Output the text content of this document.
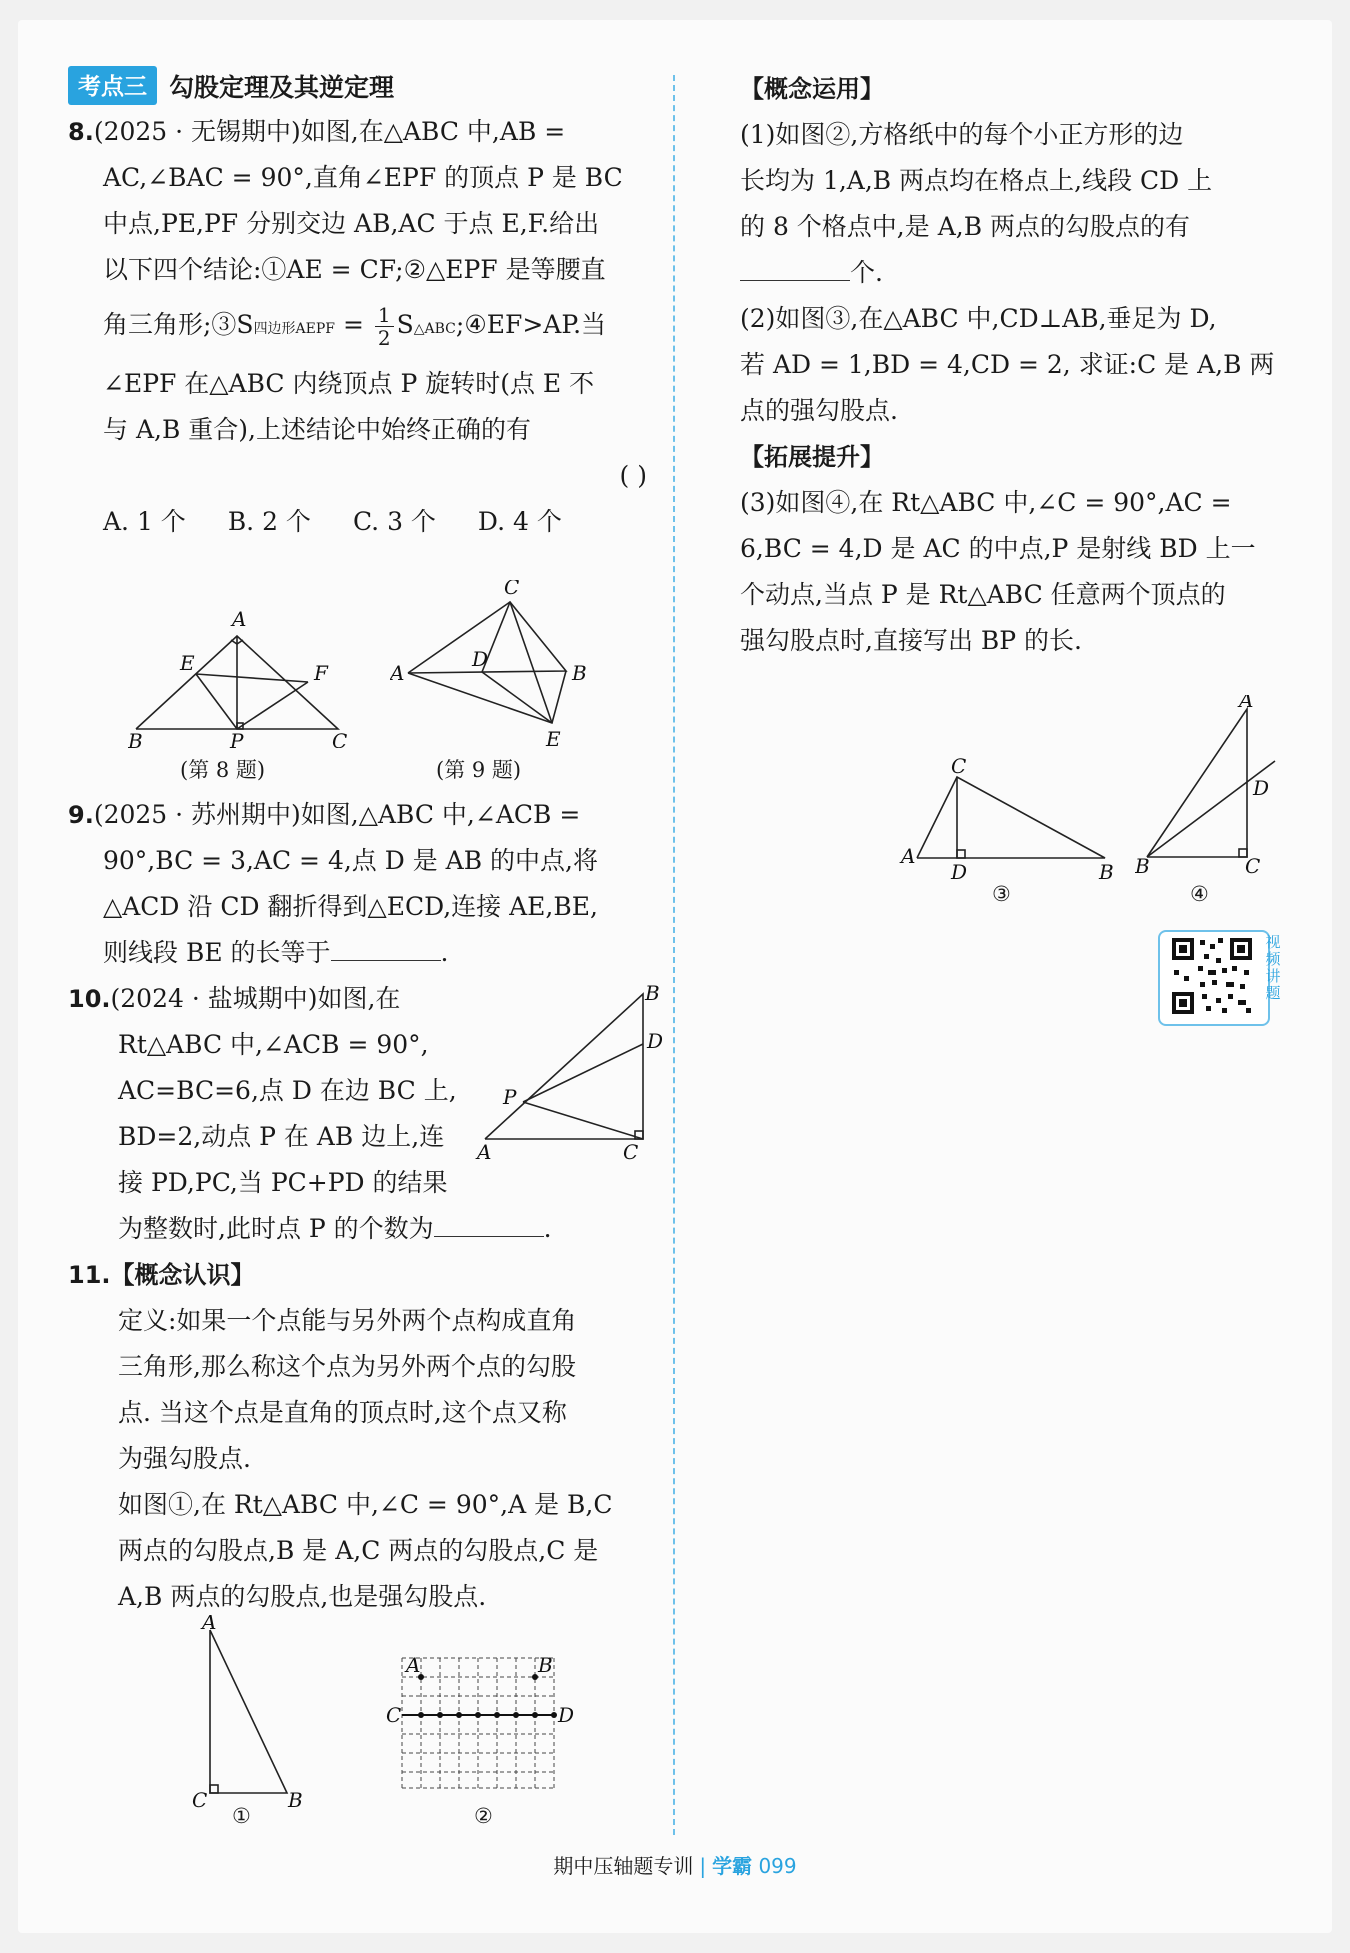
考点三 勾股定理及其逆定理
8.(2025 · 无锡期中)如图,在△ABC 中,AB =
AC,∠BAC = 90°,直角∠EPF 的顶点 P 是 BC
中点,PE,PF 分别交边 AB,AC 于点 E,F.给出
以下四个结论:①AE = CF;②△EPF 是等腰直
角三角形;③S四边形AEPF = $\frac{1}{2}$ S△ABC;④EF>AP.当
∠EPF 在△ABC 内绕顶点 P 旋转时(点 E 不
与 A,B 重合),上述结论中始终正确的有
( )
A. 1 个 B. 2 个 C. 3 个 D. 4 个
A
E	F
B	P	C
(第 8 题)
C
A
D
B
E
(第 9 题)
9.(2025 · 苏州期中)如图,△ABC 中,∠ACB =
90°,BC = 3,AC = 4,点 D 是 AB 的中点,将
△ACD 沿 CD 翻折得到△ECD,连接 AE,BE,
则线段 BE 的长等于	.
10.(2024 · 盐城期中)如图,在
Rt△ABC 中,∠ACB = 90°,
AC=BC=6,点 D 在边 BC 上,
BD=2,动点 P 在 AB 边上,连
接 PD,PC,当 PC+PD 的结果
为整数时,此时点 P 的个数为	.
11.【概念认识】
定义:如果一个点能与另外两个点构成直角
三角形,那么称这个点为另外两个点的勾股
点. 当这个点是直角的顶点时,这个点又称
为强勾股点.
如图①,在 Rt△ABC 中,∠C = 90°,A 是 B,C
两点的勾股点,B 是 A,C 两点的勾股点,C 是
A,B 两点的勾股点,也是强勾股点.
B
D
P
A	C
A
C	B
①
A	B
C	D
②
【概念运用】
(1)如图②,方格纸中的每个小正方形的边
长均为 1,A,B 两点均在格点上,线段 CD 上
的 8 个格点中,是 A,B 两点的勾股点的有
个.
(2)如图③,在△ABC 中,CD⊥AB,垂足为 D,
若 AD = 1,BD = 4,CD = 2, 求证:C 是 A,B 两
点的强勾股点.
【拓展提升】
(3)如图④,在 Rt△ABC 中,∠C = 90°,AC =
6,BC = 4,D 是 AC 的中点,P 是射线 BD 上一
个动点,当点 P 是 Rt△ABC 任意两个顶点的
强勾股点时,直接写出 BP 的长.
C
A
D	B
③
A
D
B	C
④
视频讲题
期中压轴题专训 | 学霸 099
